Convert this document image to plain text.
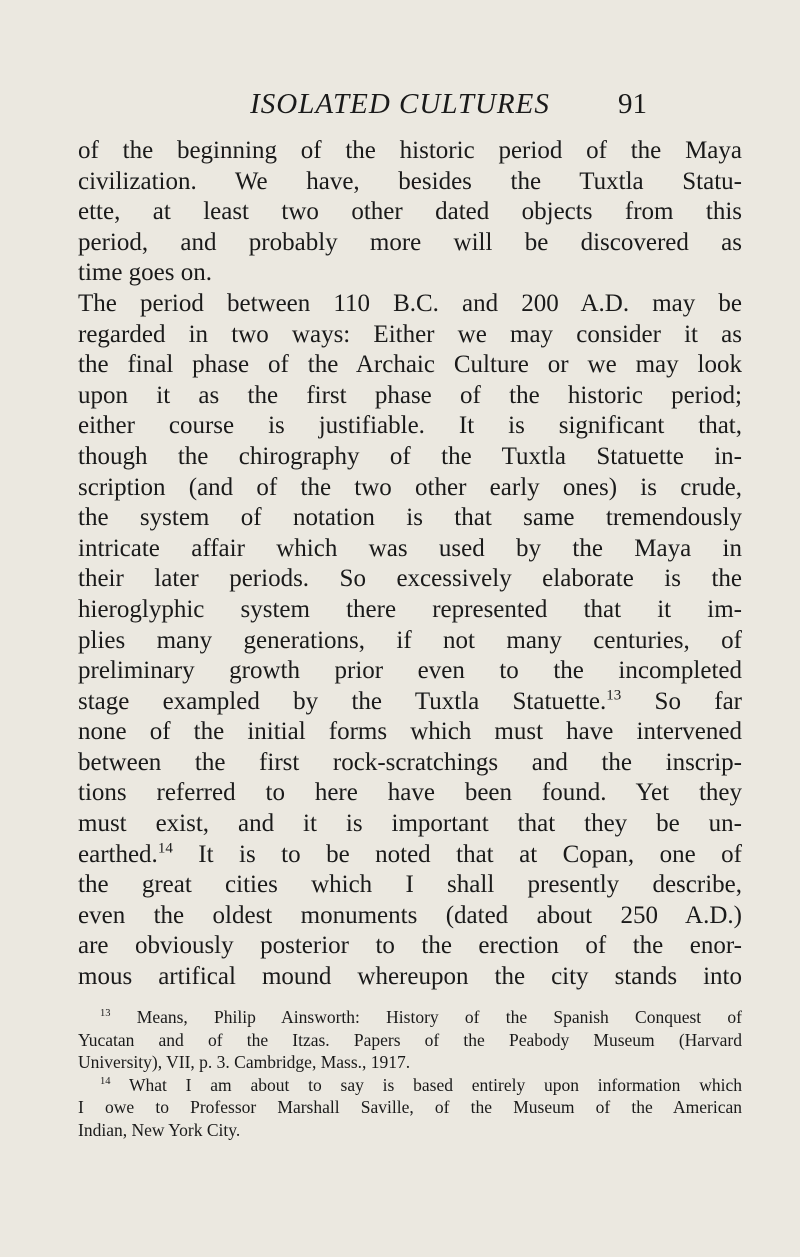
ISOLATED CULTURES	91
of the beginning of the historic period of the Maya
civilization. We have, besides the Tuxtla Statu-
ette, at least two other dated objects from this
period, and probably more will be discovered as
time goes on.
The period between 110 B.C. and 200 A.D. may be
regarded in two ways: Either we may consider it as
the final phase of the Archaic Culture or we may look
upon it as the first phase of the historic period;
either course is justifiable. It is significant that,
though the chirography of the Tuxtla Statuette in-
scription (and of the two other early ones) is crude,
the system of notation is that same tremendously
intricate affair which was used by the Maya in
their later periods. So excessively elaborate is the
hieroglyphic system there represented that it im-
plies many generations, if not many centuries, of
preliminary growth prior even to the incompleted
stage exampled by the Tuxtla Statuette.$^{13}$ So far
none of the initial forms which must have intervened
between the first rock-scratchings and the inscrip-
tions referred to here have been found. Yet they
must exist, and it is important that they be un-
earthed.$^{14}$ It is to be noted that at Copan, one of
the great cities which I shall presently describe,
even the oldest monuments (dated about 250 A.D.)
are obviously posterior to the erection of the enor-
mous artifical mound whereupon the city stands into
$^{13}$ Means, Philip Ainsworth: History of the Spanish Conquest of
Yucatan and of the Itzas. Papers of the Peabody Museum (Harvard
University), VII, p. 3. Cambridge, Mass., 1917.
$^{14}$ What I am about to say is based entirely upon information which
I owe to Professor Marshall Saville, of the Museum of the American
Indian, New York City.
